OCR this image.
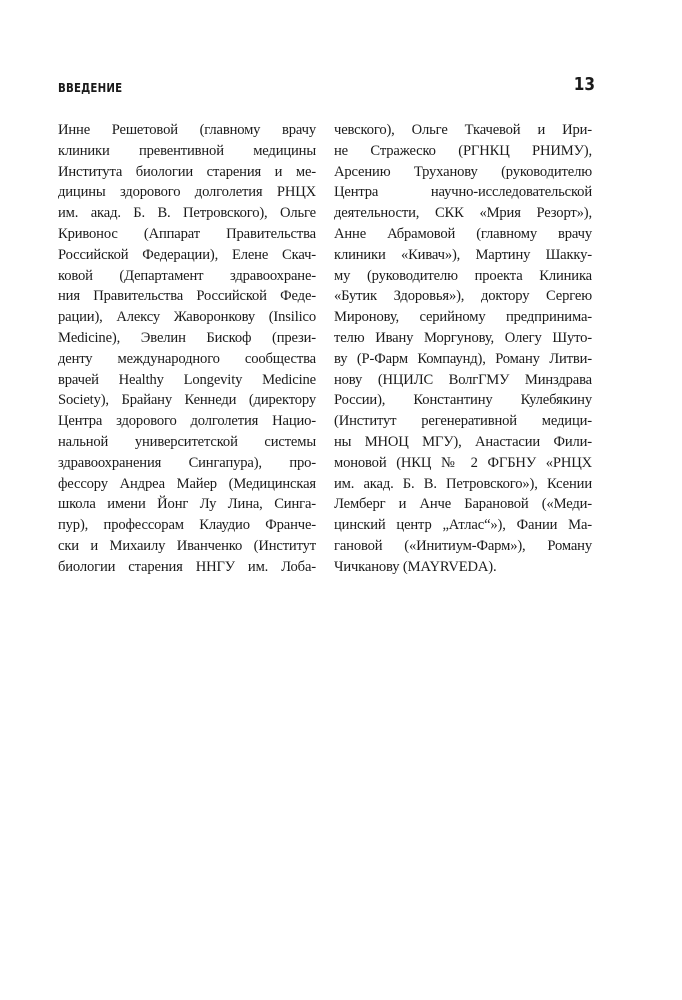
ВВЕДЕНИЕ	13
Инне Решетовой (главному врачу
клиники превентивной медицины
Института биологии старения и ме-
дицины здорового долголетия РНЦХ
им. акад. Б. В. Петровского), Ольге
Кривонос (Аппарат Правительства
Российской Федерации), Елене Скач-
ковой (Департамент здравоохране-
ния Правительства Российской Феде-
рации), Алексу Жаворонкову (Insilico
Medicine), Эвелин Бискоф (прези-
денту международного сообщества
врачей Healthy Longevity Medicine
Society), Брайану Кеннеди (директору
Центра здорового долголетия Нацио-
нальной университетской системы
здравоохранения Сингапура), про-
фессору Андреа Майер (Медицинская
школа имени Йонг Лу Лина, Синга-
пур), профессорам Клаудио Франче-
ски и Михаилу Иванченко (Институт
биологии старения ННГУ им. Лоба-
чевского), Ольге Ткачевой и Ири-
не Стражеско (РГНКЦ РНИМУ),
Арсению Труханову (руководителю
Центра научно-исследовательской
деятельности, СКК «Мрия Резорт»),
Анне Абрамовой (главному врачу
клиники «Кивач»), Мартину Шакку-
му (руководителю проекта Клиника
«Бутик Здоровья»), доктору Сергею
Миронову, серийному предпринима-
телю Ивану Моргунову, Олегу Шуто-
ву (Р-Фарм Компаунд), Роману Литви-
нову (НЦИЛС ВолгГМУ Минздрава
России), Константину Кулебякину
(Институт регенеративной медици-
ны МНОЦ МГУ), Анастасии Фили-
моновой (НКЦ № 2 ФГБНУ «РНЦХ
им. акад. Б. В. Петровского»), Ксении
Лемберг и Анче Барановой («Меди-
цинский центр „Атлас“»), Фании Ма-
гановой («Инитиум-Фарм»), Роману
Чичканову (MAYRVEDA).
